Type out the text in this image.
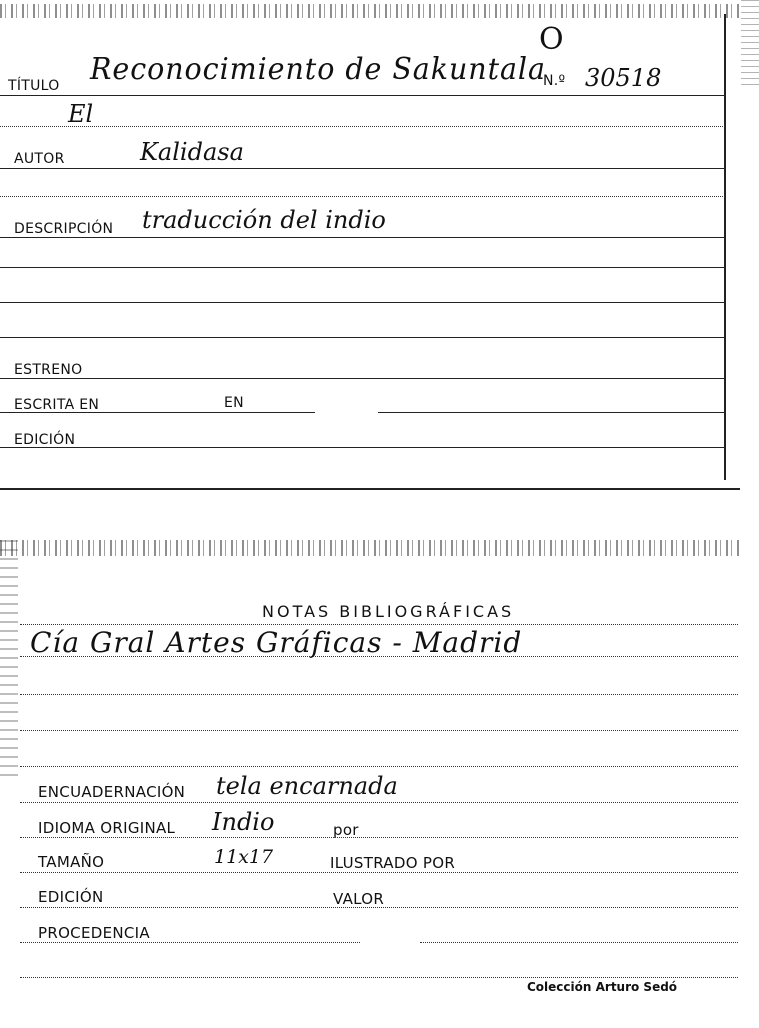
TÍTULO Reconocimiento de Sakuntala
N.º 30518
O
El
AUTOR	Kalidasa
DESCRIPCIÓN traducción del indio
ESTRENO
ESCRITA EN	EN
EDICIÓN
NOTAS BIBLIOGRÁFICAS
Cía Gral Artes Gráficas - Madrid
ENCUADERNACIÓN tela encarnada
IDIOMA ORIGINAL Indio	por
TAMAÑO	11x17	ILUSTRADO POR
EDICIÓN	VALOR
PROCEDENCIA
Colección Arturo Sedó
